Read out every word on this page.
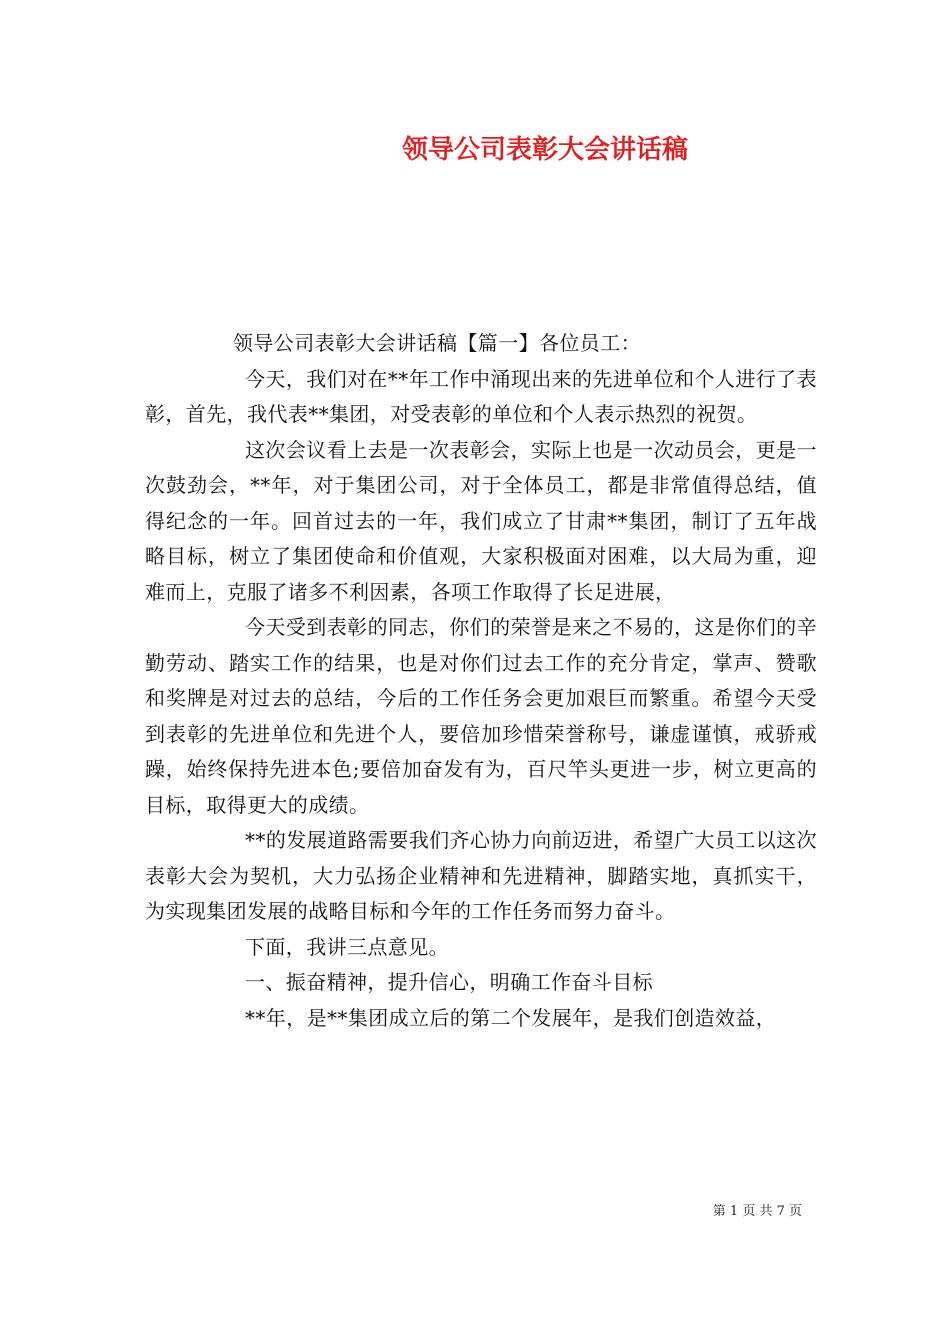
领导公司表彰大会讲话稿

领导公司表彰大会讲话稿【篇一】各位员工：

今天，我们对在**年工作中涌现出来的先进单位和个人进行了表彰，首先，我代表**集团，对受表彰的单位和个人表示热烈的祝贺。

这次会议看上去是一次表彰会，实际上也是一次动员会，更是一次鼓劲会，**年，对于集团公司，对于全体员工，都是非常值得总结，值得纪念的一年。回首过去的一年，我们成立了甘肃**集团，制订了五年战略目标，树立了集团使命和价值观，大家积极面对困难，以大局为重，迎难而上，克服了诸多不利因素，各项工作取得了长足进展，

今天受到表彰的同志，你们的荣誉是来之不易的，这是你们的辛勤劳动、踏实工作的结果，也是对你们过去工作的充分肯定，掌声、赞歌和奖牌是对过去的总结，今后的工作任务会更加艰巨而繁重。希望今天受到表彰的先进单位和先进个人，要倍加珍惜荣誉称号，谦虚谨慎，戒骄戒躁，始终保持先进本色;要倍加奋发有为，百尺竿头更进一步，树立更高的目标，取得更大的成绩。

**的发展道路需要我们齐心协力向前迈进，希望广大员工以这次表彰大会为契机，大力弘扬企业精神和先进精神，脚踏实地，真抓实干，为实现集团发展的战略目标和今年的工作任务而努力奋斗。

下面，我讲三点意见。

一、振奋精神，提升信心，明确工作奋斗目标

**年，是**集团成立后的第二个发展年，是我们创造效益，

第 1 页 共 7 页
